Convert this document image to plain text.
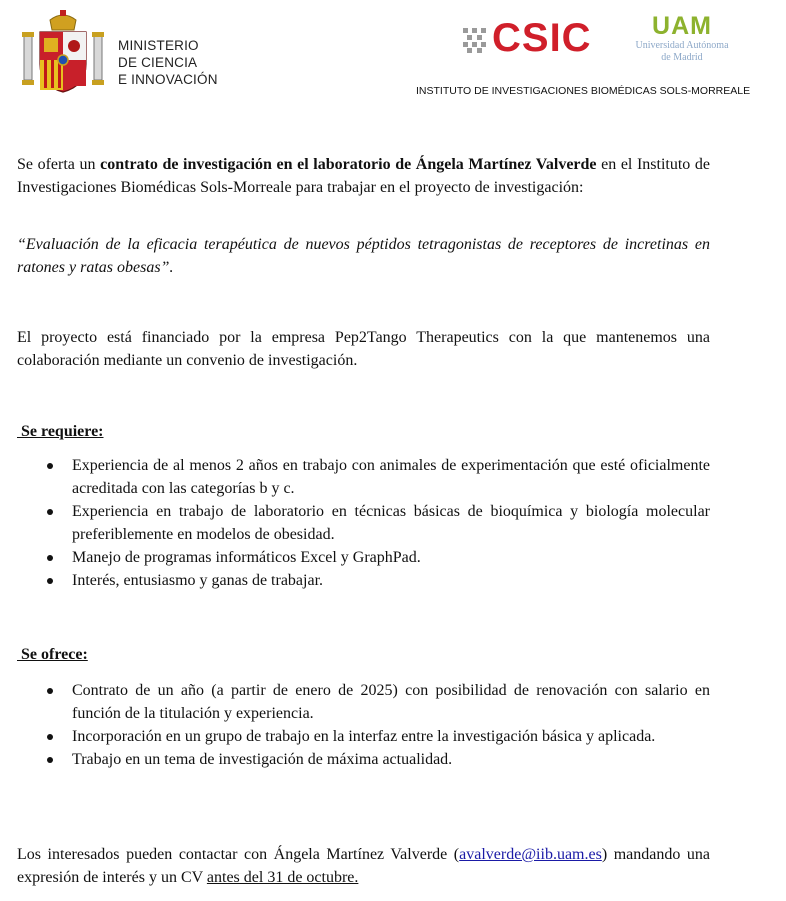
MINISTERIO
DE CIENCIA
E INNOVACIÓN
CSIC	UAM
Universidad Autónoma
de Madrid
INSTITUTO DE INVESTIGACIONES BIOMÉDICAS SOLS-MORREALE

Se oferta un contrato de investigación en el laboratorio de Ángela Martínez Valverde en el Instituto de Investigaciones Biomédicas Sols-Morreale para trabajar en el proyecto de investigación:

“Evaluación de la eficacia terapéutica de nuevos péptidos tetragonistas de receptores de incretinas en ratones y ratas obesas”.

El proyecto está financiado por la empresa Pep2Tango Therapeutics con la que mantenemos una colaboración mediante un convenio de investigación.

Se requiere:
Experiencia de al menos 2 años en trabajo con animales de experimentación que esté oficialmente acreditada con las categorías b y c.
Experiencia en trabajo de laboratorio en técnicas básicas de bioquímica y biología molecular preferiblemente en modelos de obesidad.
Manejo de programas informáticos Excel y GraphPad.
Interés, entusiasmo y ganas de trabajar.
Se ofrece:
Contrato de un año (a partir de enero de 2025) con posibilidad de renovación con salario en función de la titulación y experiencia.
Incorporación en un grupo de trabajo en la interfaz entre la investigación básica y aplicada.
Trabajo en un tema de investigación de máxima actualidad.

Los interesados pueden contactar con Ángela Martínez Valverde (avalverde@iib.uam.es) mandando una expresión de interés y un CV antes del 31 de octubre.
